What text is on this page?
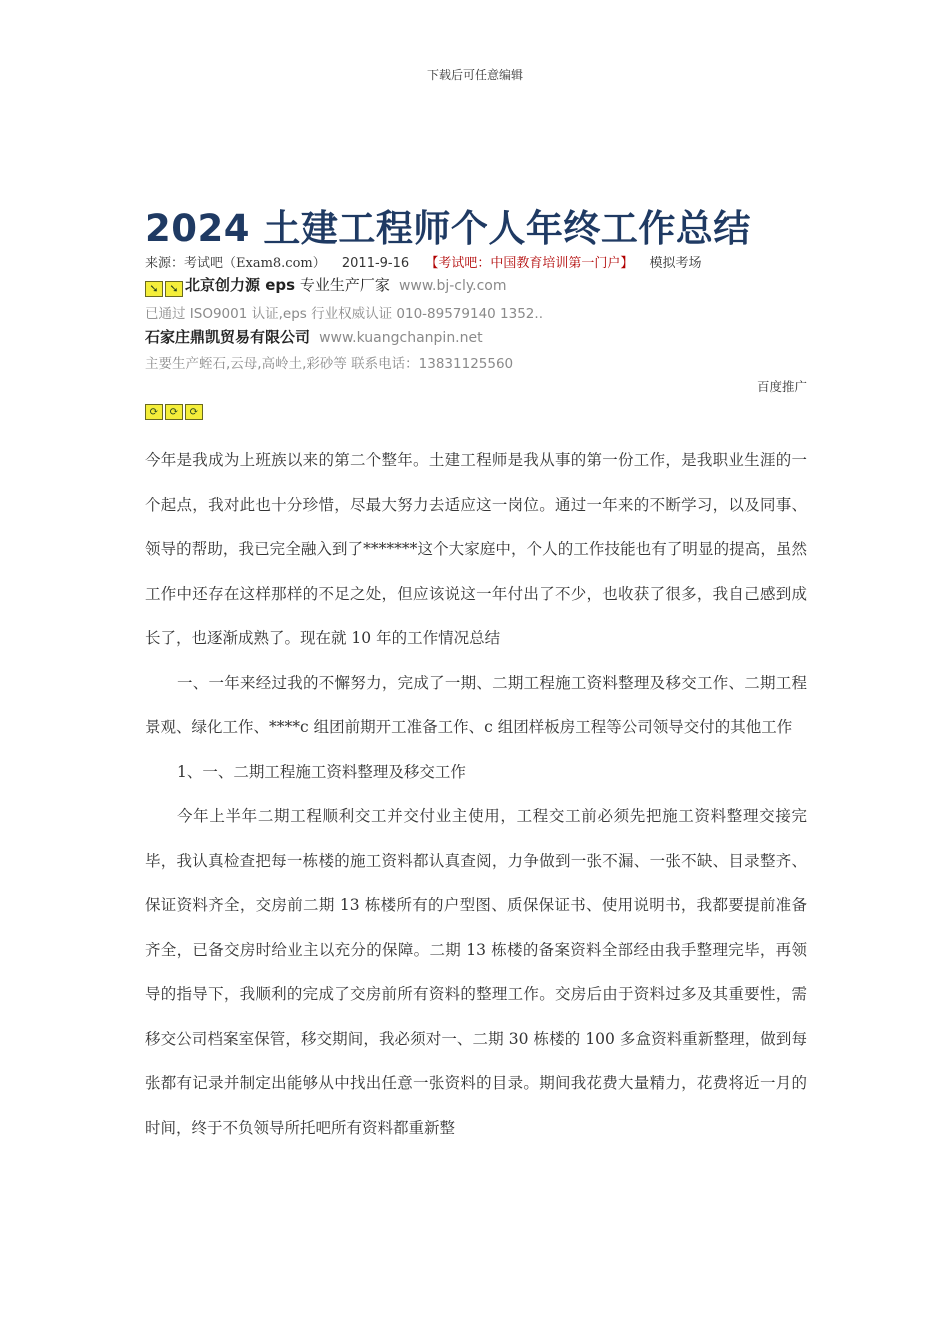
下载后可任意编辑
2024 土建工程师个人年终工作总结
来源：考试吧（Exam8.com） 2011-9-16 【考试吧：中国教育培训第一门户】 模拟考场
➘ ➘ 北京创力源 eps 专业生产厂家 www.bj-cly.com
已通过 ISO9001 认证,eps 行业权威认证 010-89579140 1352..
石家庄鼎凯贸易有限公司 www.kuangchanpin.net
主要生产蛭石,云母,高岭土,彩砂等 联系电话：13831125560
百度推广
⟳ ⟳ ⟳

今年是我成为上班族以来的第二个整年。土建工程师是我从事的第一份工作，是我职业生涯的一个起点，我对此也十分珍惜，尽最大努力去适应这一岗位。通过一年来的不断学习，以及同事、领导的帮助，我已完全融入到了*******这个大家庭中，个人的工作技能也有了明显的提高，虽然工作中还存在这样那样的不足之处，但应该说这一年付出了不少，也收获了很多，我自己感到成长了，也逐渐成熟了。现在就 10 年的工作情况总结

一、一年来经过我的不懈努力，完成了一期、二期工程施工资料整理及移交工作、二期工程景观、绿化工作、****c 组团前期开工准备工作、c 组团样板房工程等公司领导交付的其他工作

1、一、二期工程施工资料整理及移交工作

今年上半年二期工程顺利交工并交付业主使用，工程交工前必须先把施工资料整理交接完毕，我认真检查把每一栋楼的施工资料都认真查阅，力争做到一张不漏、一张不缺、目录整齐、保证资料齐全，交房前二期 13 栋楼所有的户型图、质保保证书、使用说明书，我都要提前准备齐全，已备交房时给业主以充分的保障。二期 13 栋楼的备案资料全部经由我手整理完毕，再领导的指导下，我顺利的完成了交房前所有资料的整理工作。交房后由于资料过多及其重要性，需移交公司档案室保管，移交期间，我必须对一、二期 30 栋楼的 100 多盒资料重新整理，做到每张都有记录并制定出能够从中找出任意一张资料的目录。期间我花费大量精力，花费将近一月的时间，终于不负领导所托吧所有资料都重新整
